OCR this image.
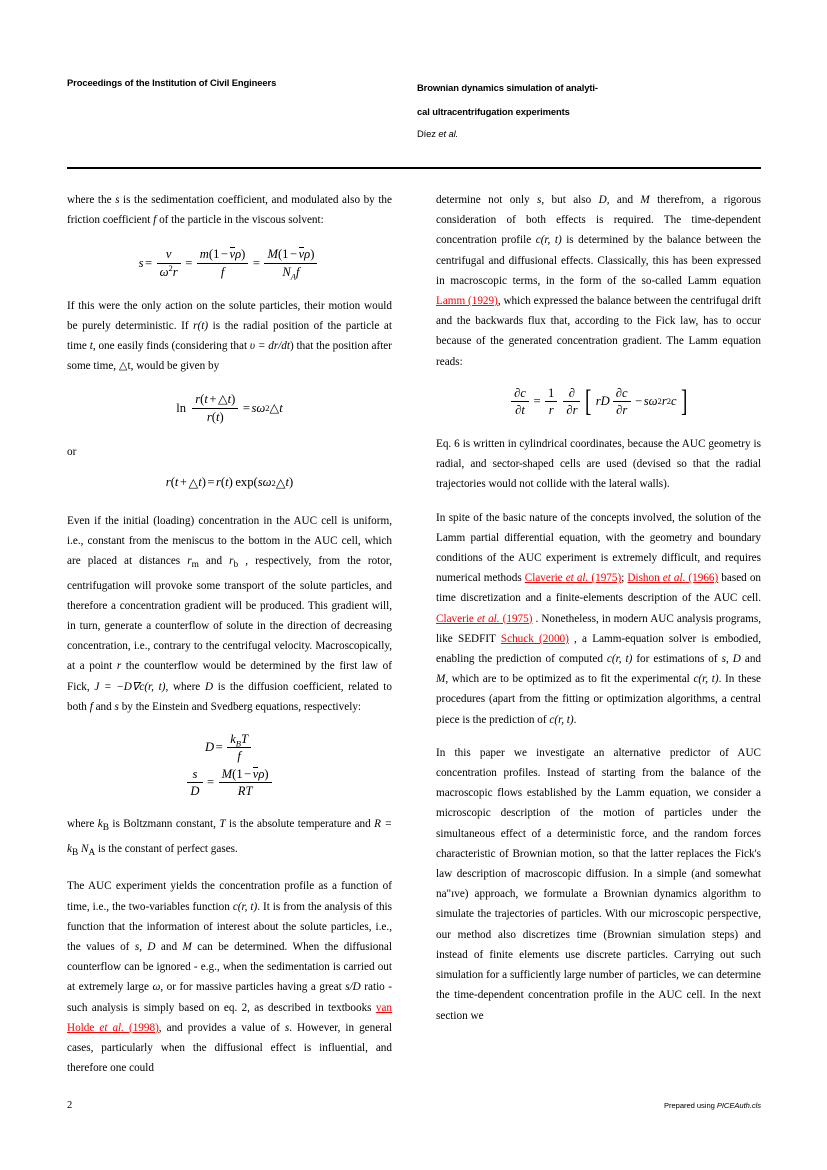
Proceedings of the Institution of Civil Engineers	Brownian dynamics simulation of analyti-
cal ultracentrifugation experiments
Díez et al.

where the s is the sedimentation coefficient, and modulated also by the friction coefficient f of the particle in the viscous solvent:

$s = \frac{\nu}{\omega^2r} = \frac{m(1 - \nu\rho)}{f} = \frac{M(1 - \nu\rho)}{N_Af}$

If this were the only action on the solute particles, their motion would be purely deterministic. If r(t) is the radial position of the particle at time t, one easily finds (considering that υ = dr/dt) that the position after some time, △t, would be given by

ln
$\frac{r(t + \triangle t)}{r(t)} = s$ ω 2 △ t
or
r ( t + △ t ) = r ( t )
  exp( s ω 2 △ t )

Even if the initial (loading) concentration in the AUC cell is uniform, i.e., constant from the meniscus to the bottom in the AUC cell, which are placed at distances $r_m$ and $r_b$ , respectively, from the rotor, centrifugation will provoke some transport of the solute particles, and therefore a concentration gradient will be produced. This gradient will, in turn, generate a counterflow of solute in the direction of decreasing concentration, i.e., contrary to the centrifugal velocity. Macroscopically, at a point r the counterflow would be determined by the first law of Fick, J = −D∇c(r, t), where D is the diffusion coefficient, related to both f and s by the Einstein and Svedberg equations, respectively:

$D = \frac{k_BT}{f}$
$\frac{s}{D} = \frac{M(1 - \nu\rho)}{RT}$

where $k_B$ is Boltzmann constant, T is the absolute temperature and $R = k_B$ $N_A$ is the constant of perfect gases.

The AUC experiment yields the concentration profile as a function of time, i.e., the two-variables function c(r, t). It is from the analysis of this function that the information of interest about the solute particles, i.e., the values of s, D and M can be determined. When the diffusional counterflow can be ignored - e.g., when the sedimentation is carried out at extremely large ω, or for massive particles having a great s/D ratio - such analysis is simply based on eq. 2, as described in textbooks van Holde et al. (1998), and provides a value of s. However, in general cases, particularly when the diffusional effect is influential, and therefore one could

determine not only s, but also D, and M therefrom, a rigorous consideration of both effects is required. The time-dependent concentration profile c(r, t) is determined by the balance between the centrifugal and diffusional effects. Classically, this has been expressed in macroscopic terms, in the form of the so-called Lamm equation Lamm (1929), which expressed the balance between the centrifugal drift and the backwards flux that, according to the Fick law, has to occur because of the generated concentration gradient. The Lamm equation reads:

$\frac{\partial c}{\partial t} = \frac{1}{r} \frac{\partial}{\partial r}$ [ r D $\frac{\partial c}{\partial r} - s$ ω 2 r 2 c ]

Eq. 6 is written in cylindrical coordinates, because the AUC geometry is radial, and sector-shaped cells are used (devised so that the radial trajectories would not collide with the lateral walls).

In spite of the basic nature of the concepts involved, the solution of the Lamm partial differential equation, with the geometry and boundary conditions of the AUC experiment is extremely difficult, and requires numerical methods Claverie et al. (1975); Dishon et al. (1966) based on time discretization and a finite-elements description of the AUC cell. Claverie et al. (1975) . Nonetheless, in modern AUC analysis programs, like SEDFIT Schuck (2000) , a Lamm-equation solver is embodied, enabling the prediction of computed c(r, t) for estimations of s, D and M, which are to be optimized as to fit the experimental c(r, t). In these procedures (apart from the fitting or optimization algorithms, a central piece is the prediction of c(r, t).

In this paper we investigate an alternative predictor of AUC concentration profiles. Instead of starting from the balance of the macroscopic flows established by the Lamm equation, we consider a microscopic description of the motion of particles under the simultaneous effect of a deterministic force, and the random forces characteristic of Brownian motion, so that the latter replaces the Fick's law description of macroscopic diffusion. In a simple (and somewhat na"ıve) approach, we formulate a Brownian dynamics algorithm to simulate the trajectories of particles. With our microscopic perspective, our method also discretizes time (Brownian simulation steps) and instead of finite elements use discrete particles. Carrying out such simulation for a sufficiently large number of particles, we can determine the time-dependent concentration profile in the AUC cell. In the next section we

2	Prepared using PICEAuth.cls
